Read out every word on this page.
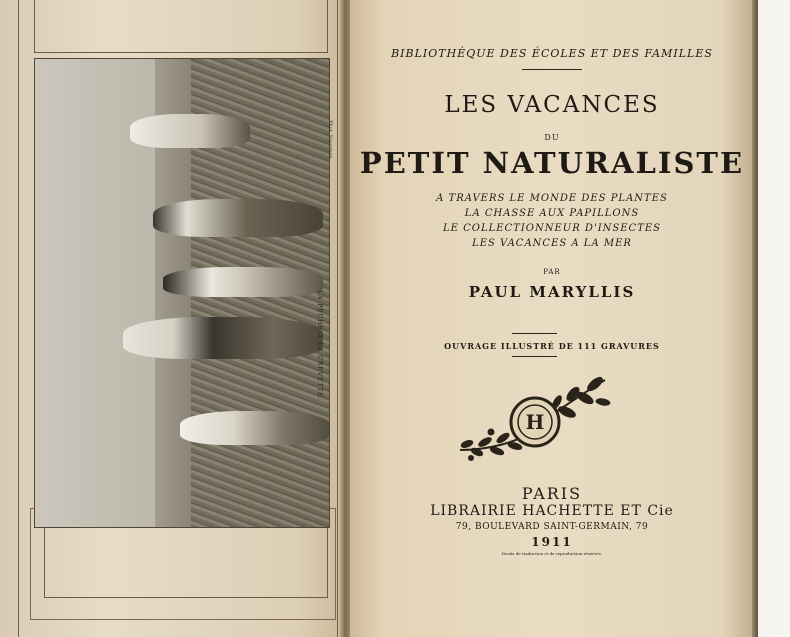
LA PÊCHE A LA CREVETTE.
Phot. Neurdein.

BIBLIOTHÈQUE DES ÉCOLES ET DES FAMILLES

LES VACANCES

DU

PETIT NATURALISTE

A TRAVERS LE MONDE DES PLANTES

LA CHASSE AUX PAPILLONS

LE COLLECTIONNEUR D'INSECTES

LES VACANCES A LA MER

PAR

PAUL MARYLLIS

OUVRAGE ILLUSTRÉ DE 111 GRAVURES

H

PARIS

LIBRAIRIE HACHETTE ET Cie

79, BOULEVARD SAINT-GERMAIN, 79

1911

Droits de traduction et de reproduction réservés.
